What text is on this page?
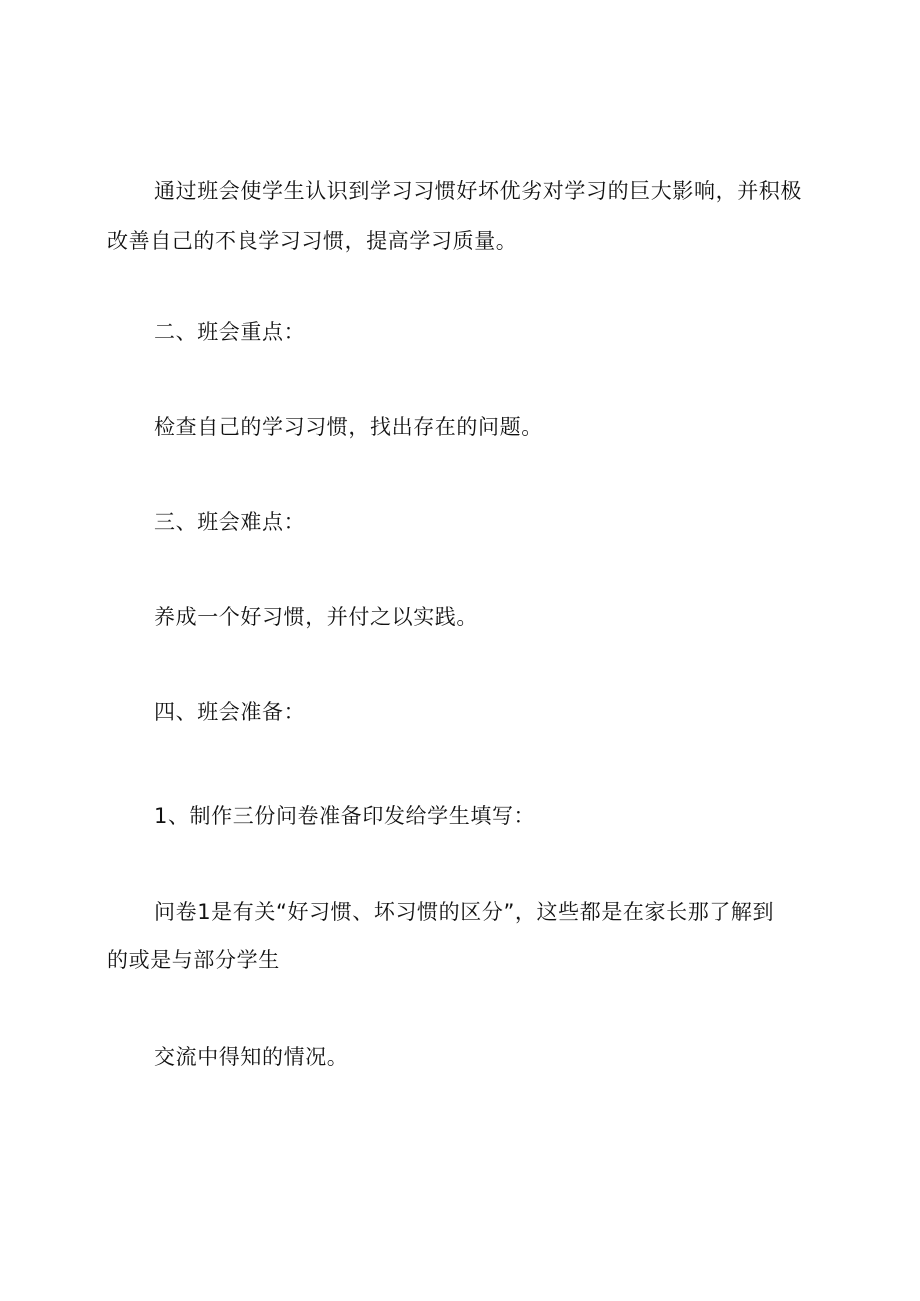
通过班会使学生认识到学习习惯好坏优劣对学习的巨大影响，并积极

改善自己的不良学习习惯，提高学习质量。

二、班会重点：

检查自己的学习习惯，找出存在的问题。

三、班会难点：

养成一个好习惯，并付之以实践。

四、班会准备：

1、制作三份问卷准备印发给学生填写：

问卷1是有关“好习惯、坏习惯的区分”，这些都是在家长那了解到

的或是与部分学生

交流中得知的情况。
